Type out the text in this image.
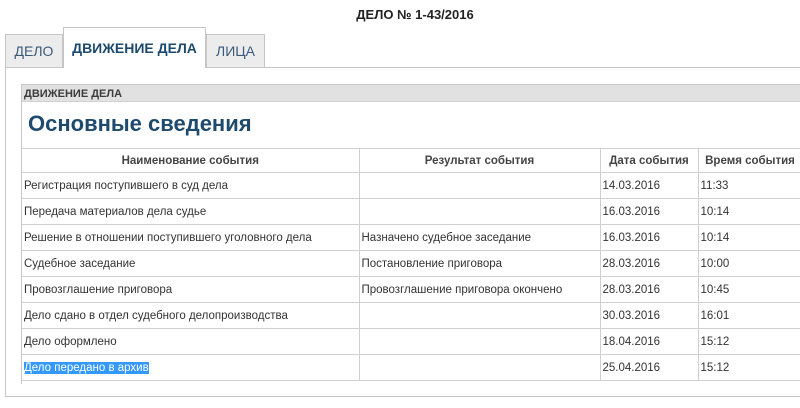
ДЕЛО № 1-43/2016
ДЕЛО	ДВИЖЕНИЕ ДЕЛА	ЛИЦА
ДВИЖЕНИЕ ДЕЛА
Основные сведения
Наименование события	Результат события	Дата события	Время события
Регистрация поступившего в суд дела		14.03.2016	11:33
Передача материалов дела судье		16.03.2016	10:14
Решение в отношении поступившего уголовного дела	Назначено судебное заседание	16.03.2016	10:14
Судебное заседание	Постановление приговора	28.03.2016	10:00
Провозглашение приговора	Провозглашение приговора окончено	28.03.2016	10:45
Дело сдано в отдел судебного делопроизводства		30.03.2016	16:01
Дело оформлено		18.04.2016	15:12
Дело передано в архив		25.04.2016	15:12
